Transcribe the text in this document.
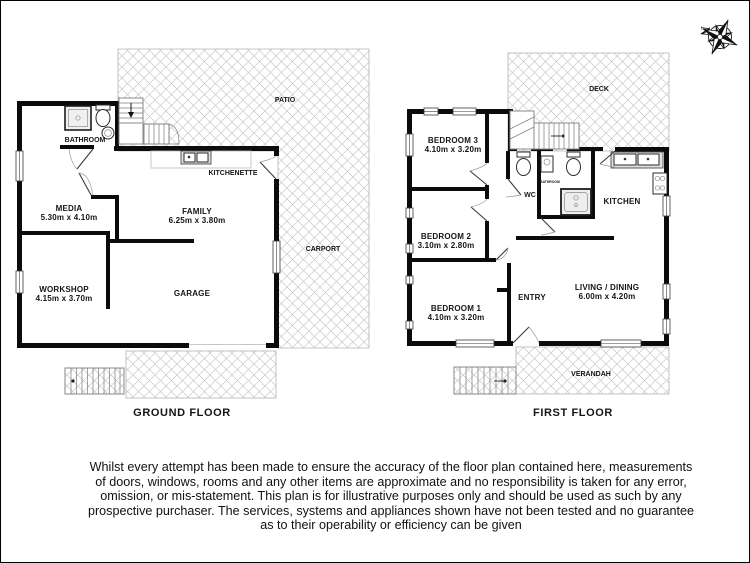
BATHROOM
MEDIA
5.30m x 4.10m
FAMILY
6.25m x 3.80m
KITCHENETTE
WORKSHOP
4.15m x 3.70m
GARAGE
PATIO
CARPORT
GROUND FLOOR
BEDROOM 3
4.10m x 3.20m
BEDROOM 2
3.10m x 2.80m
BEDROOM 1
4.10m x 3.20m
WC
BATHROOM
KITCHEN
ENTRY
LIVING / DINING
6.00m x 4.20m
DECK
VERANDAH
FIRST FLOOR
N
Whilst every attempt has been made to ensure the accuracy of the floor plan contained here, measurements
of doors, windows, rooms and any other items are approximate and no responsibility is taken for any error,
omission, or mis-statement. This plan is for illustrative purposes only and should be used as such by any
prospective purchaser. The services, systems and appliances shown have not been tested and no guarantee
as to their operability or efficiency can be given
